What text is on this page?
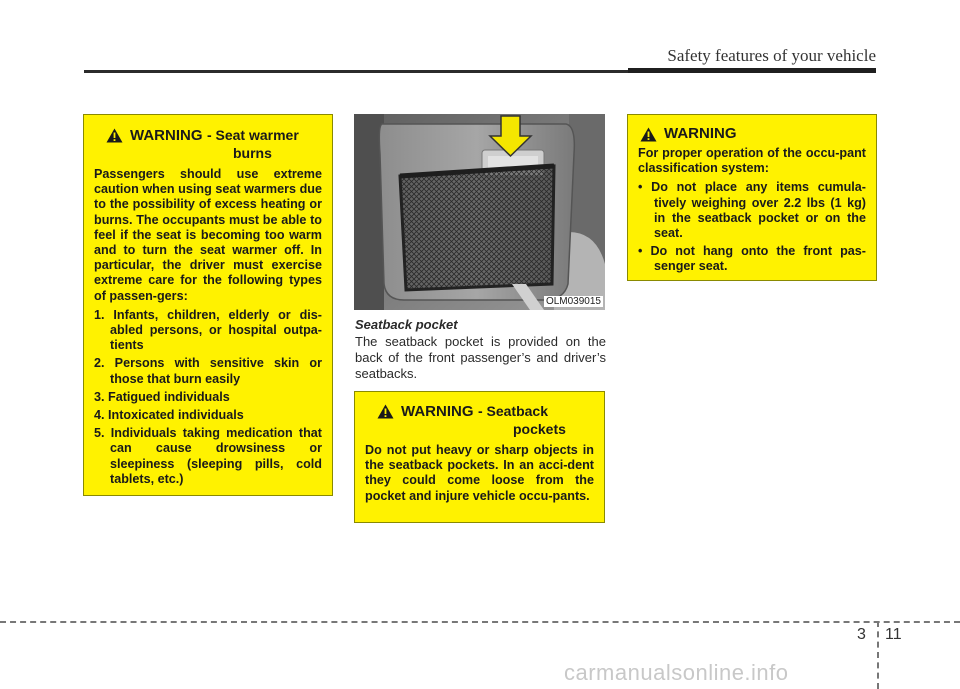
Safety features of your vehicle
WARNING - Seat warmer
burns
Passengers should use extreme caution when using seat warmers due to the possibility of excess heating or burns. The occupants must be able to feel if the seat is becoming too warm and to turn the seat warmer off. In particular, the driver must exercise extreme care for the following types of passen-gers:
1. Infants, children, elderly or dis-abled persons, or hospital outpa-tients
2. Persons with sensitive skin or those that burn easily
3. Fatigued individuals
4. Intoxicated individuals
5. Individuals taking medication that can cause drowsiness or sleepiness (sleeping pills, cold tablets, etc.)
OLM039015
Seatback pocket
The seatback pocket is provided on the back of the front passenger’s and driver’s seatbacks.
WARNING - Seatback
pockets
Do not put heavy or sharp objects in the seatback pockets. In an acci-dent they could come loose from the pocket and injure vehicle occu-pants.
WARNING
For proper operation of the occu-pant classification system:
• Do not place any items cumula-tively weighing over 2.2 lbs (1 kg) in the seatback pocket or on the seat.
• Do not hang onto the front pas-senger seat.
3 11
carmanualsonline.info
